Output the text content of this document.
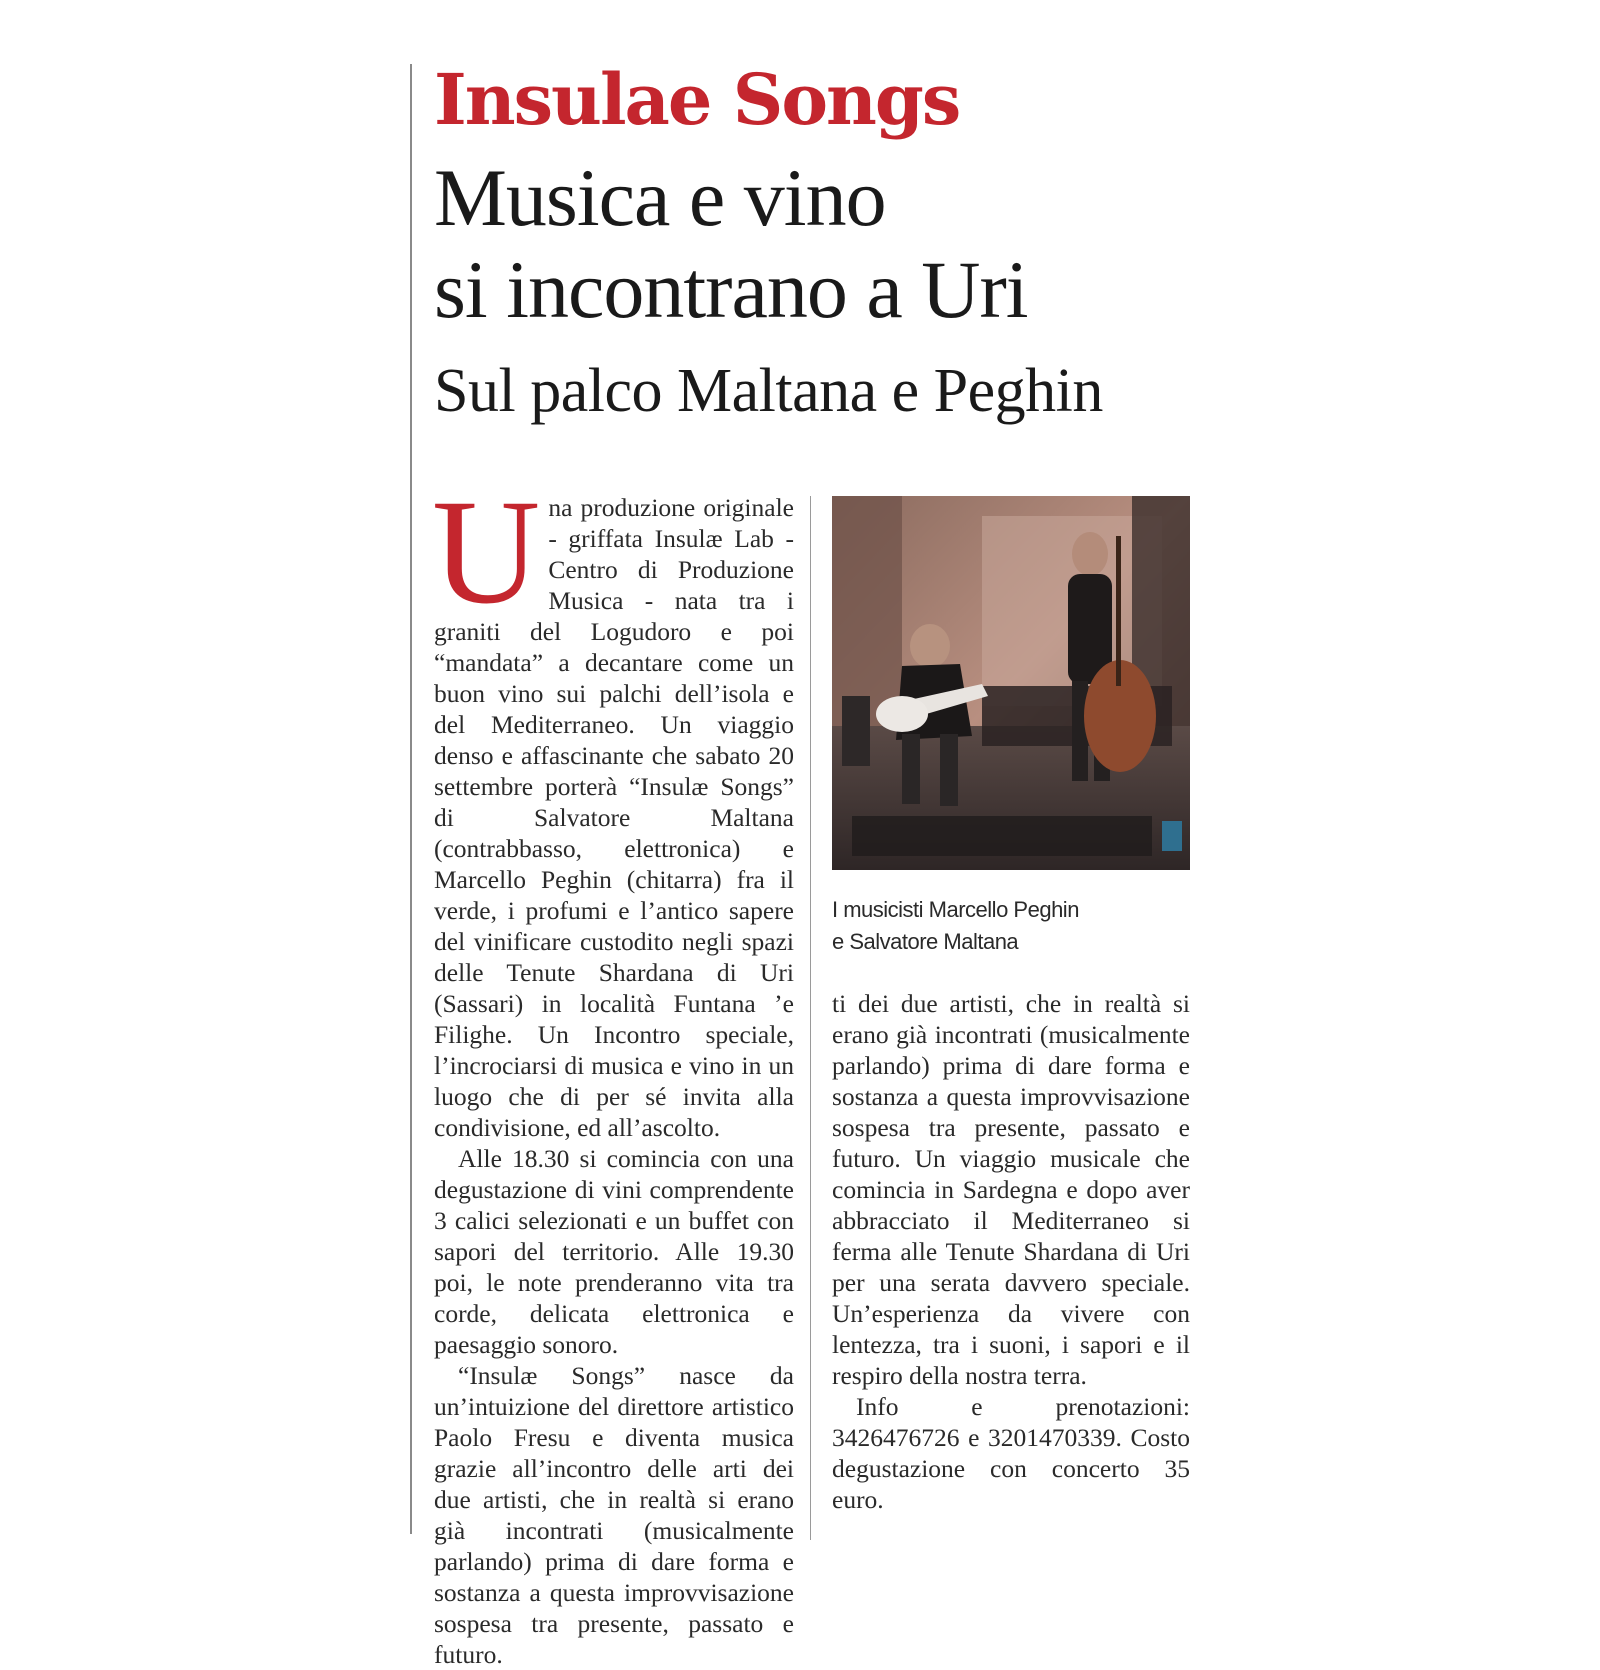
Insulae Songs
Musica e vino
si incontrano a Uri
Sul palco Maltana e Peghin

Una produzione originale - griffata Insulæ Lab - Centro di Produzione Musica - nata tra i graniti del Logudoro e poi “mandata” a decantare come un buon vino sui palchi dell’isola e del Mediterraneo. Un viaggio denso e affascinante che sabato 20 settembre porterà “Insulæ Songs” di Salvatore Maltana (contrabbasso, elettronica) e Marcello Peghin (chitarra) fra il verde, i profumi e l’antico sapere del vinificare custodito negli spazi delle Tenute Shardana di Uri (Sassari) in località Funtana ’e Filighe. Un Incontro speciale, l’incrociarsi di musica e vino in un luogo che di per sé invita alla condivisione, ed all’ascolto.

Alle 18.30 si comincia con una degustazione di vini comprendente 3 calici selezionati e un buffet con sapori del territorio. Alle 19.30 poi, le note prenderanno vita tra corde, delicata elettronica e paesaggio sonoro.

“Insulæ Songs” nasce da un’intuizione del direttore artistico Paolo Fresu e diventa musica grazie all’incontro delle arti dei due artisti, che in realtà si erano già incontrati (musicalmente parlando) prima di dare forma e sostanza a questa improvvisazione sospesa tra presente, passato e futuro.

I musicisti Marcello Peghin
e Salvatore Maltana

ti dei due artisti, che in realtà si erano già incontrati (musicalmente parlando) prima di dare forma e sostanza a questa improvvisazione sospesa tra presente, passato e futuro. Un viaggio musicale che comincia in Sardegna e dopo aver abbracciato il Mediterraneo si ferma alle Tenute Shardana di Uri per una serata davvero speciale. Un’esperienza da vivere con lentezza, tra i suoni, i sapori e il respiro della nostra terra.

Info e prenotazioni: 3426476726 e 3201470339. Costo degustazione con concerto 35 euro.
